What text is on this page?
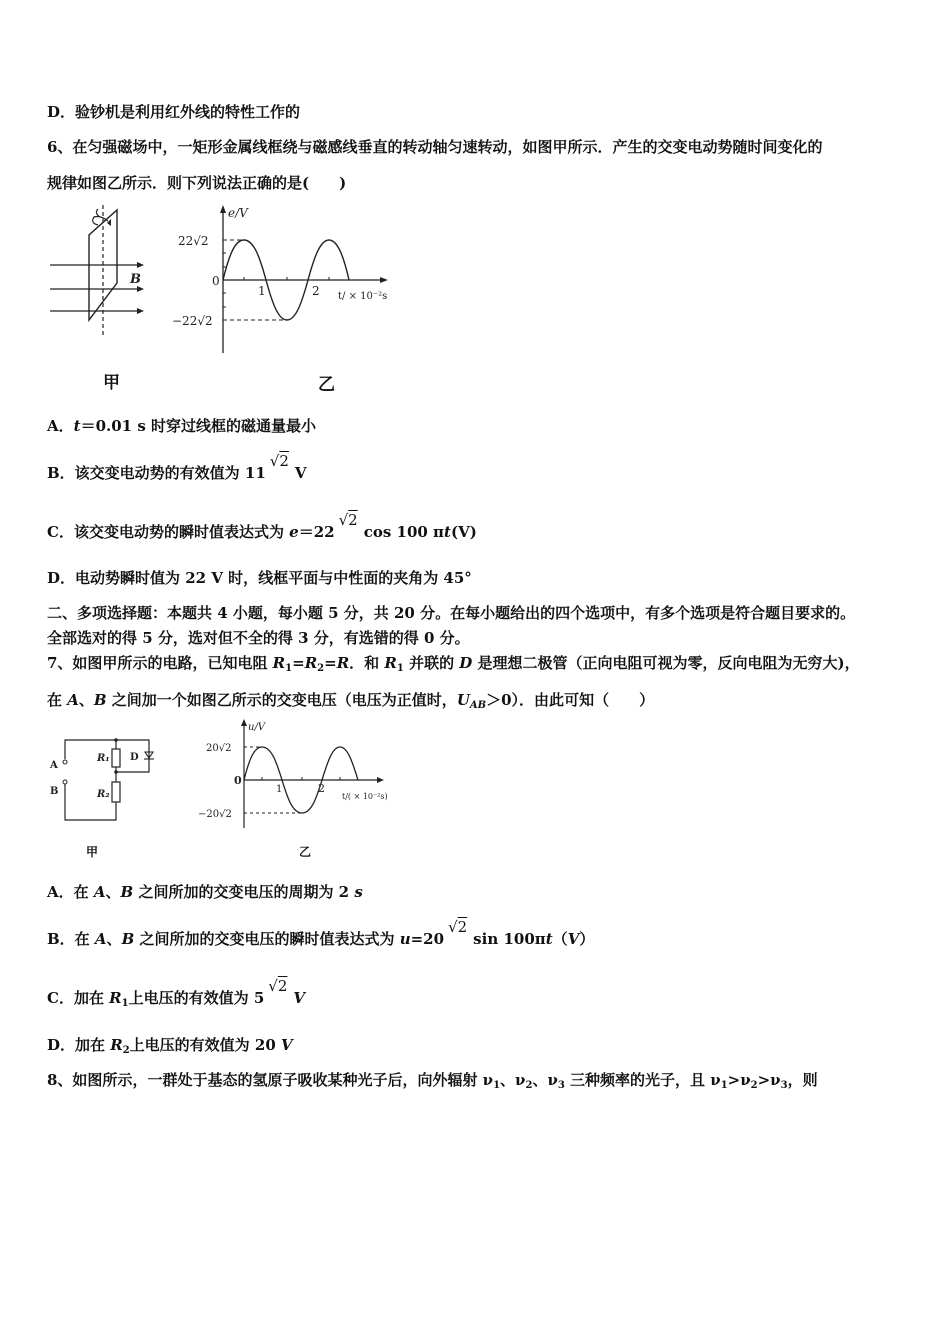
D．验钞机是利用红外线的特性工作的
6、在匀强磁场中，一矩形金属线框绕与磁感线垂直的转动轴匀速转动，如图甲所示．产生的交变电动势随时间变化的
规律如图乙所示．则下列说法正确的是(　　)
B
甲
e/V
22√2
−22√2
0
1	2 t/ × 10⁻²s
乙
A．t＝0.01 s 时穿过线框的磁通量最小
B．该交变电动势的有效值为 11√2V
C．该交变电动势的瞬时值表达式为 e＝22√2cos 100 πt(V)
D．电动势瞬时值为 22 V 时，线框平面与中性面的夹角为 45°
二、多项选择题：本题共 4 小题，每小题 5 分，共 20 分。在每小题给出的四个选项中，有多个选项是符合题目要求的。
全部选对的得 5 分，选对但不全的得 3 分，有选错的得 0 分。
7、如图甲所示的电路，已知电阻 $R_1=R_2=R$．和 $R_1$ 并联的 D 是理想二极管（正向电阻可视为零，反向电阻为无穷大)，
在 A、B 之间加一个如图乙所示的交变电压（电压为正值时，$U_{AB}>0$）．由此可知（　　）
A
B
R₁
R₂
D
甲
u/V
20√2
−20√2
0
1	2
t/( × 10⁻²s)
乙
A．在 A、B 之间所加的交变电压的周期为 2 s
B．在 A、B 之间所加的交变电压的瞬时值表达式为 u=20√2sin 100πt（V）
C．加在 $R_1$上电压的有效值为 5√2V
D．加在 $R_2$上电压的有效值为 20 V
8、如图所示，一群处于基态的氢原子吸收某种光子后，向外辐射 $\nu_1$、$\nu_2$、$\nu_3$ 三种频率的光子，且 $\nu_1>\nu_2>\nu_3$，则
